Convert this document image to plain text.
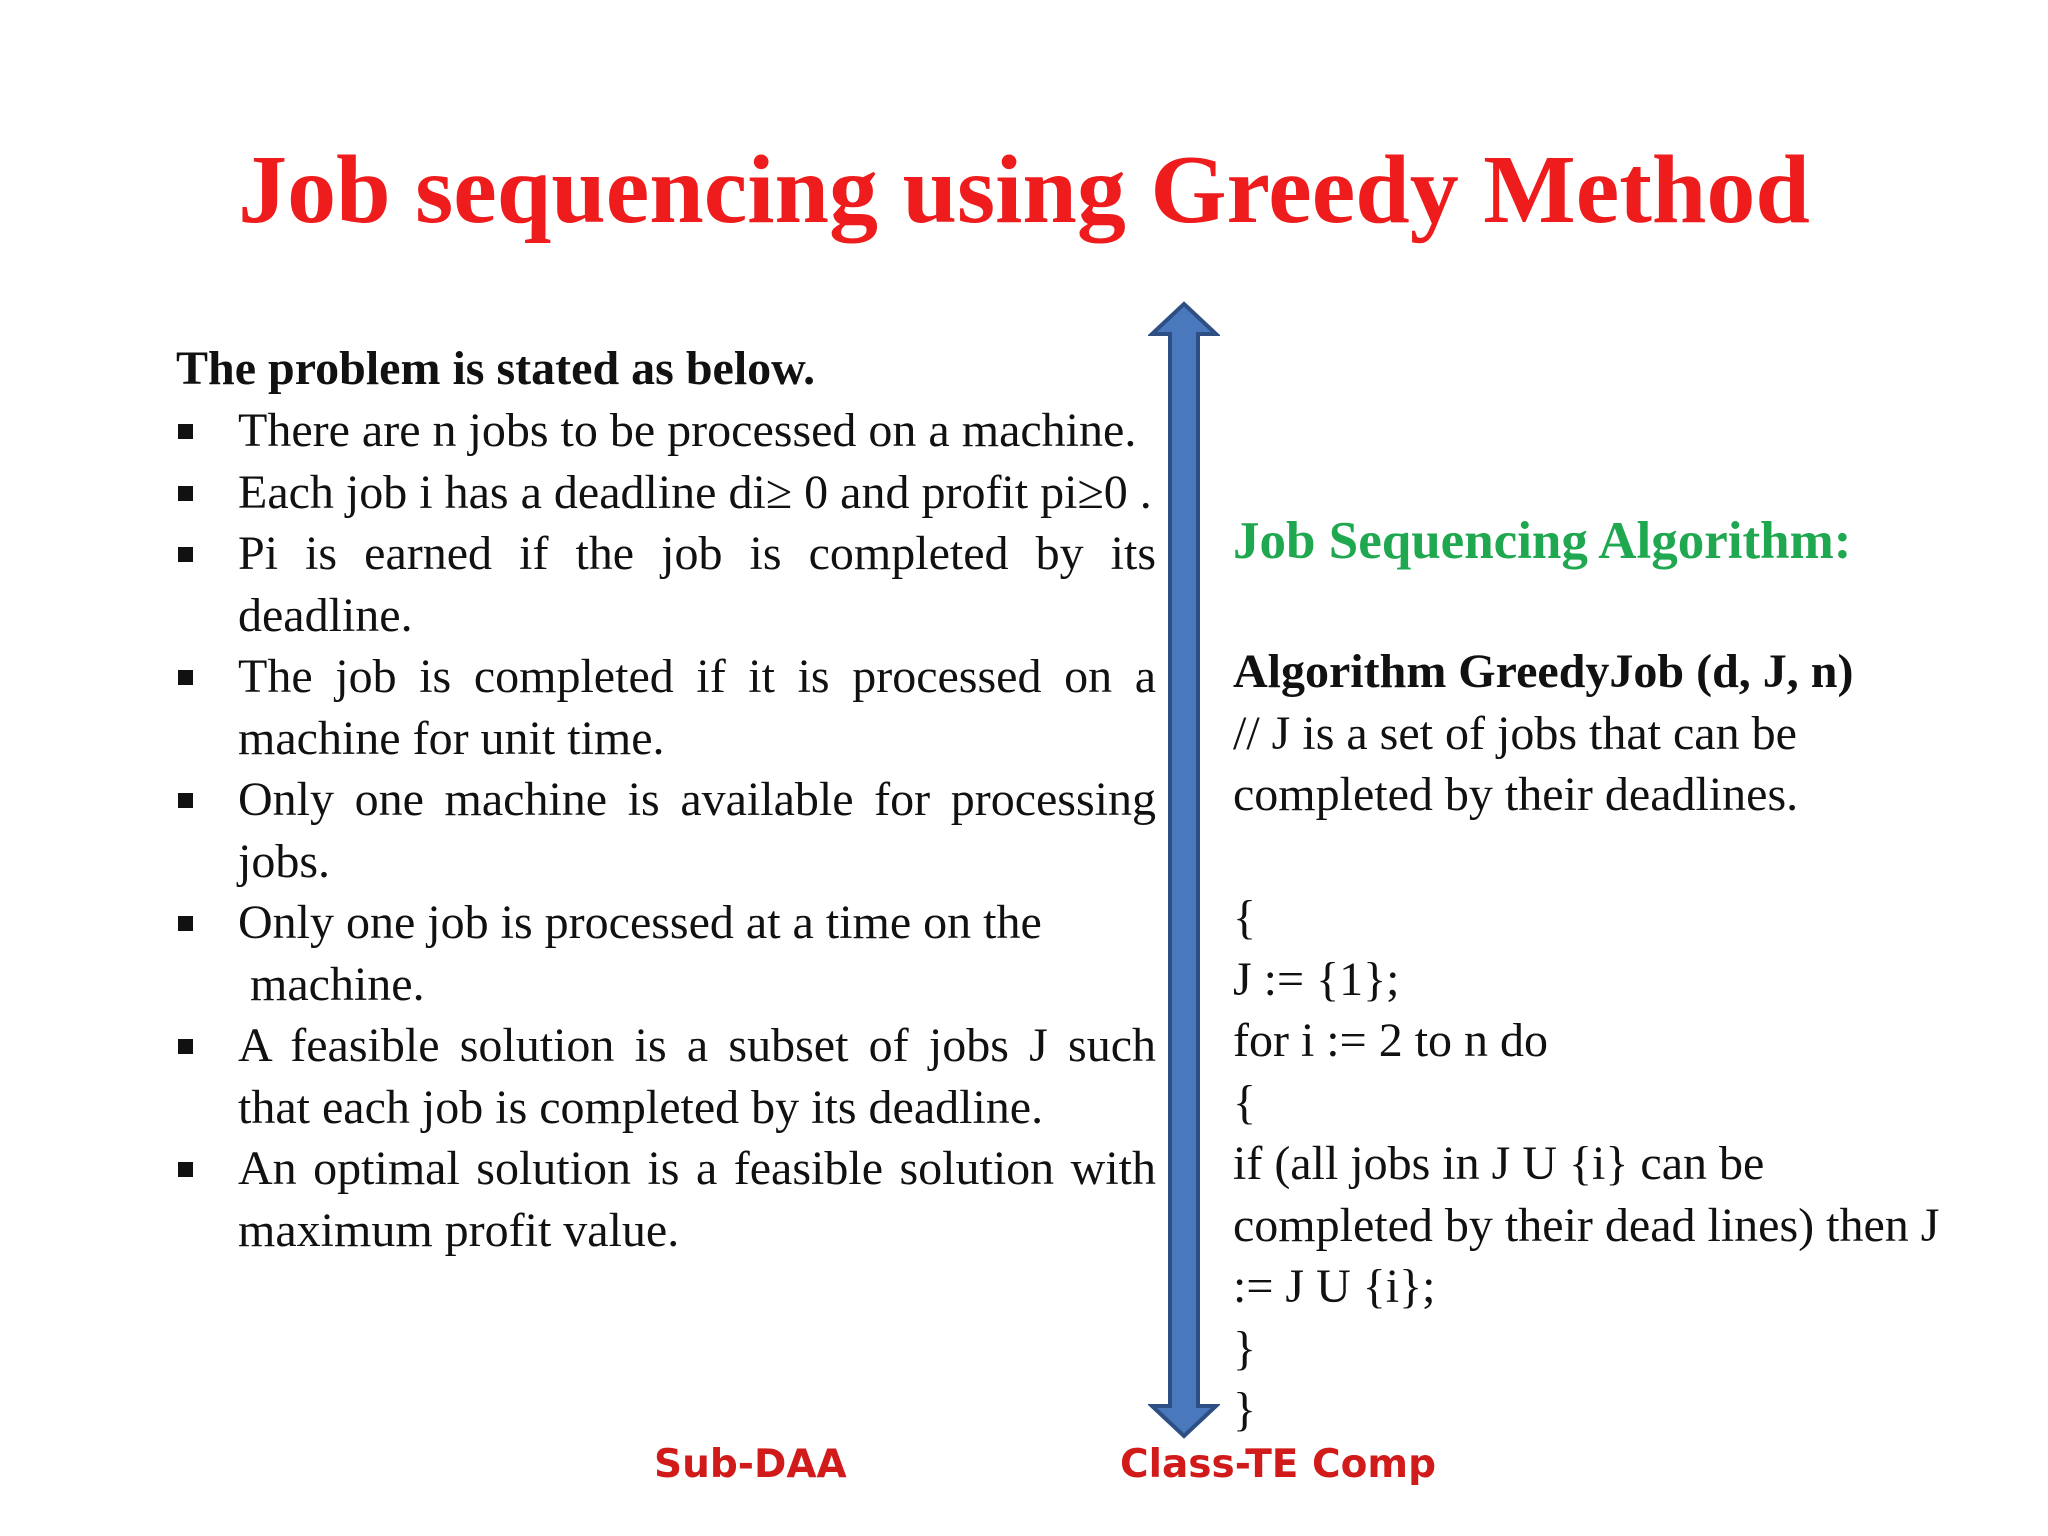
Job sequencing using Greedy Method
The problem is stated as below.
There are n jobs to be processed on a machine.
Each job i has a deadline di≥ 0 and profit pi≥0 .
Pi is earned if the job is completed by its deadline.
The job is completed if it is processed on a machine for unit time.
Only one machine is available for processing jobs.
Only one job is processed at a time on the  machine.
A feasible solution is a subset of jobs J such that each job is completed by its deadline.
An optimal solution is a feasible solution with maximum profit value.
Job Sequencing Algorithm:
Algorithm GreedyJob (d, J, n)
// J is a set of jobs that can be
completed by their deadlines.
{
J := {1};
for i := 2 to n do
{
if (all jobs in J U {i} can be
completed by their dead lines) then J
:= J U {i};
}
}
Sub-DAA	Class-TE Comp
